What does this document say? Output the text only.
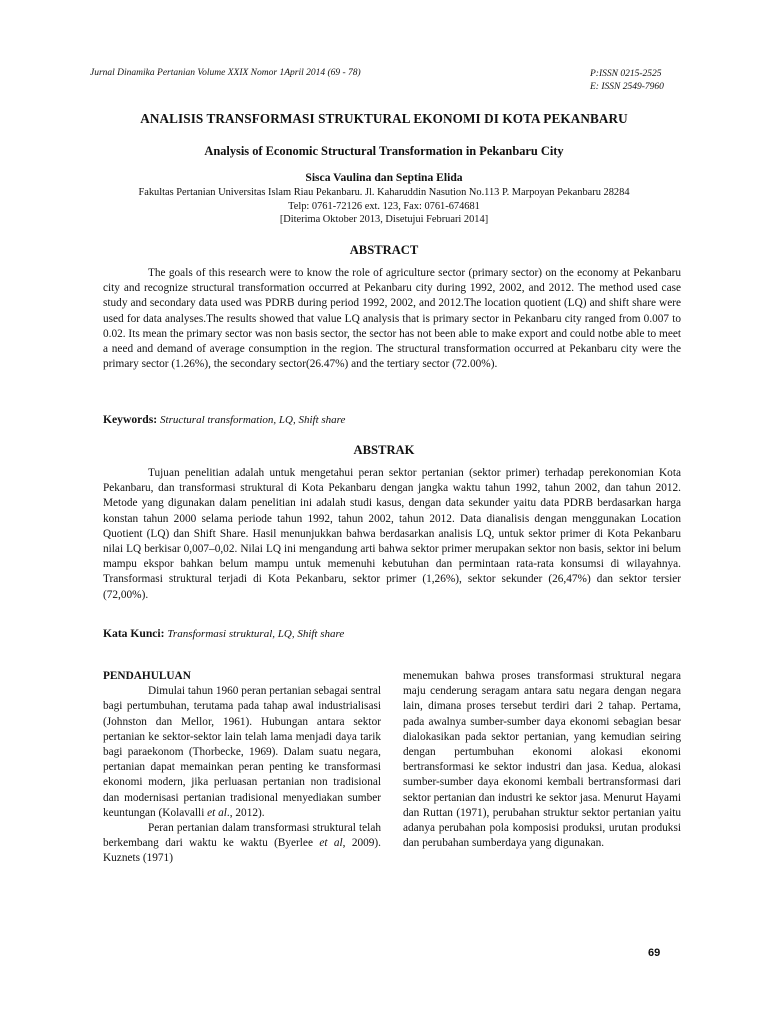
Jurnal Dinamika Pertanian Volume XXIX Nomor 1April 2014 (69 - 78)	P:ISSN 0215-2525
E: ISSN 2549-7960
ANALISIS TRANSFORMASI STRUKTURAL EKONOMI DI KOTA PEKANBARU
Analysis of Economic Structural Transformation in Pekanbaru City
Sisca Vaulina dan Septina Elida
Fakultas Pertanian Universitas Islam Riau Pekanbaru. Jl. Kaharuddin Nasution No.113 P. Marpoyan Pekanbaru 28284
Telp: 0761-72126 ext. 123, Fax: 0761-674681
[Diterima Oktober 2013, Disetujui Februari 2014]
ABSTRACT

The goals of this research were to know the role of agriculture sector (primary sector) on the economy at Pekanbaru city and recognize structural transformation occurred at Pekanbaru city during 1992, 2002, and 2012. The method used case study and secondary data used was PDRB during period 1992, 2002, and 2012.The location quotient (LQ) and shift share were used for data analyses.The results showed that value LQ analysis that is primary sector in Pekanbaru city ranged from 0.007 to 0.02. Its mean the primary sector was non basis sector, the sector has not been able to make export and could notbe able to meet a need and demand of average consumption in the region. The structural transformation occurred at Pekanbaru city were the primary sector (1.26%), the secondary sector(26.47%) and the tertiary sector (72.00%).

Keywords: Structural transformation, LQ, Shift share
ABSTRAK

Tujuan penelitian adalah untuk mengetahui peran sektor pertanian (sektor primer) terhadap perekonomian Kota Pekanbaru, dan transformasi struktural di Kota Pekanbaru dengan jangka waktu tahun 1992, tahun 2002, dan tahun 2012. Metode yang digunakan dalam penelitian ini adalah studi kasus, dengan data sekunder yaitu data PDRB berdasarkan harga konstan tahun 2000 selama periode tahun 1992, tahun 2002, tahun 2012. Data dianalisis dengan menggunakan Location Quotient (LQ) dan Shift Share. Hasil menunjukkan bahwa berdasarkan analisis LQ, untuk sektor primer di Kota Pekanbaru nilai LQ berkisar 0,007–0,02. Nilai LQ ini mengandung arti bahwa sektor primer merupakan sektor non basis, sektor ini belum mampu ekspor bahkan belum mampu untuk memenuhi kebutuhan dan permintaan rata-rata konsumsi di wilayahnya. Transformasi struktural terjadi di Kota Pekanbaru, sektor primer (1,26%), sektor sekunder (26,47%) dan sektor tersier (72,00%).

Kata Kunci: Transformasi struktural, LQ, Shift share
PENDAHULUAN

Dimulai tahun 1960 peran pertanian sebagai sentral bagi pertumbuhan, terutama pada tahap awal industrialisasi (Johnston dan Mellor, 1961). Hubungan antara sektor pertanian ke sektor-sektor lain telah lama menjadi daya tarik bagi paraekonom (Thorbecke, 1969). Dalam suatu negara, pertanian dapat memainkan peran penting ke transformasi ekonomi modern, jika perluasan pertanian non tradisional dan modernisasi pertanian tradisional menyediakan sumber keuntungan (Kolavalli et al., 2012).

Peran pertanian dalam transformasi struktural telah berkembang dari waktu ke waktu (Byerlee et al, 2009). Kuznets (1971)

menemukan bahwa proses transformasi struktural negara maju cenderung seragam antara satu negara dengan negara lain, dimana proses tersebut terdiri dari 2 tahap. Pertama, pada awalnya sumber-sumber daya ekonomi sebagian besar dialokasikan pada sektor pertanian, yang kemudian seiring dengan pertumbuhan ekonomi alokasi ekonomi bertransformasi ke sektor industri dan jasa. Kedua, alokasi sumber-sumber daya ekonomi kembali bertransformasi dari sektor pertanian dan industri ke sektor jasa. Menurut Hayami dan Ruttan (1971), perubahan struktur sektor pertanian yaitu adanya perubahan pola komposisi produksi, urutan produksi dan perubahan sumberdaya yang digunakan.

69
